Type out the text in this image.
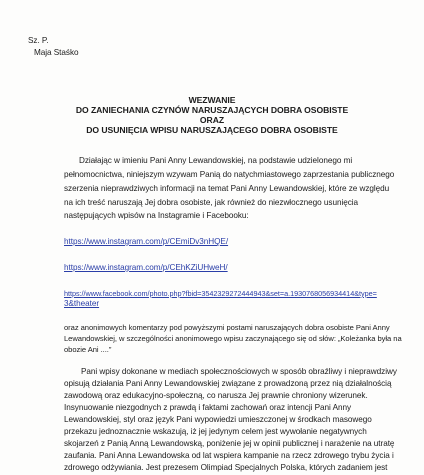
Sz. P.
Maja Staśko
WEZWANIE
DO ZANIECHANIA CZYNÓW NARUSZAJĄCYCH DOBRA OSOBISTE
ORAZ
DO USUNIĘCIA WPISU NARUSZAJĄCEGO DOBRA OSOBISTE
Działając w imieniu Pani Anny Lewandowskiej, na podstawie udzielonego mi
pełnomocnictwa, niniejszym wzywam Panią do natychmiastowego zaprzestania publicznego
szerzenia nieprawdziwych informacji na temat Pani Anny Lewandowskiej, które ze względu
na ich treść naruszają Jej dobra osobiste, jak również do niezwłocznego usunięcia
następujących wpisów na Instagramie i Facebooku:
https://www.instagram.com/p/CEmiDv3nHQE/
https://www.instagram.com/p/CEhKZiUHweH/
https://www.facebook.com/photo.php?fbid=3542329272444943&set=a.1930768056934414&type=
3&theater
oraz anonimowych komentarzy pod powyższymi postami naruszających dobra osobiste Pani Anny
Lewandowskiej, w szczególności anonimowego wpisu zaczynającego się od słów: „Koleżanka była na
obozie Ani ....”
Pani wpisy dokonane w mediach społecznościowych w sposób obraźliwy i nieprawdziwy
opisują działania Pani Anny Lewandowskiej związane z prowadzoną przez nią działalnością
zawodową oraz edukacyjno-społeczną, co narusza Jej prawnie chroniony wizerunek.
Insynuowanie niezgodnych z prawdą i faktami zachowań oraz intencji Pani Anny
Lewandowskiej, styl oraz język Pani wypowiedzi umieszczonej w środkach masowego
przekazu jednoznacznie wskazują, iż jej jedynym celem jest wywołanie negatywnych
skojarzeń z Panią Anną Lewandowską, poniżenie jej w opinii publicznej i narażenie na utratę
zaufania. Pani Anna Lewandowska od lat wspiera kampanie na rzecz zdrowego trybu życia i
zdrowego odżywiania. Jest prezesem Olimpiad Specjalnych Polska, których zadaniem jest
